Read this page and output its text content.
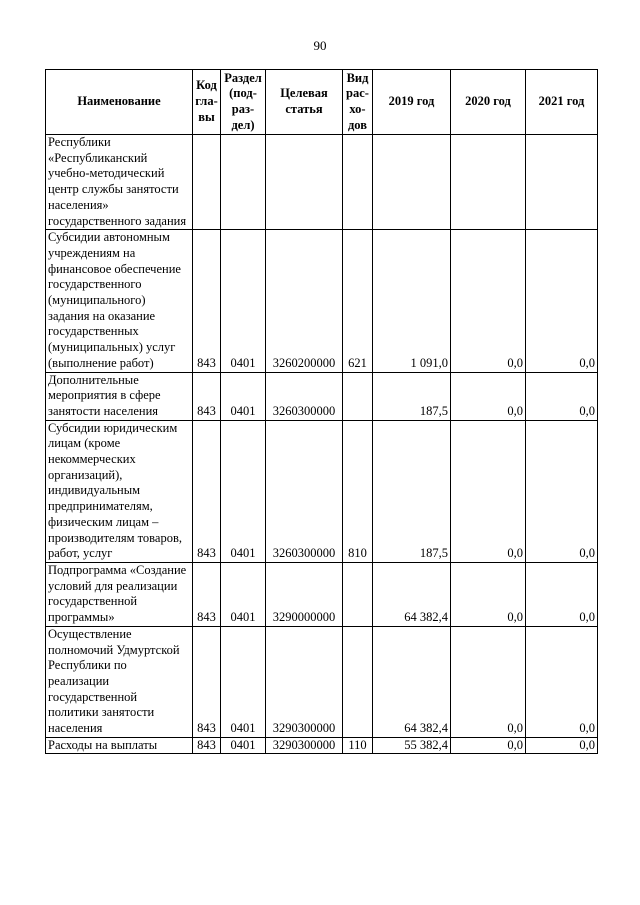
90
Наименование	Код гла- вы	Раздел (под- раз- дел)	Целевая статья	Вид рас- хо- дов	2019 год	2020 год	2021 год
Республики «Республиканский учебно-методический центр службы занятости населения» государственного задания							
Субсидии автономным учреждениям на финансовое обеспечение государственного (муниципального) задания на оказание государственных (муниципальных) услуг (выполнение работ)	843	0401	3260200000	621	1 091,0	0,0	0,0
Дополнительные мероприятия в сфере занятости населения	843	0401	3260300000		187,5	0,0	0,0
Субсидии юридическим лицам (кроме некоммерческих организаций), индивидуальным предпринимателям, физическим лицам – производителям товаров, работ, услуг	843	0401	3260300000	810	187,5	0,0	0,0
Подпрограмма «Создание условий для реализации государственной программы»	843	0401	3290000000		64 382,4	0,0	0,0
Осуществление полномочий Удмуртской Республики по реализации государственной политики занятости населения	843	0401	3290300000		64 382,4	0,0	0,0
Расходы на выплаты	843	0401	3290300000	110	55 382,4	0,0	0,0
